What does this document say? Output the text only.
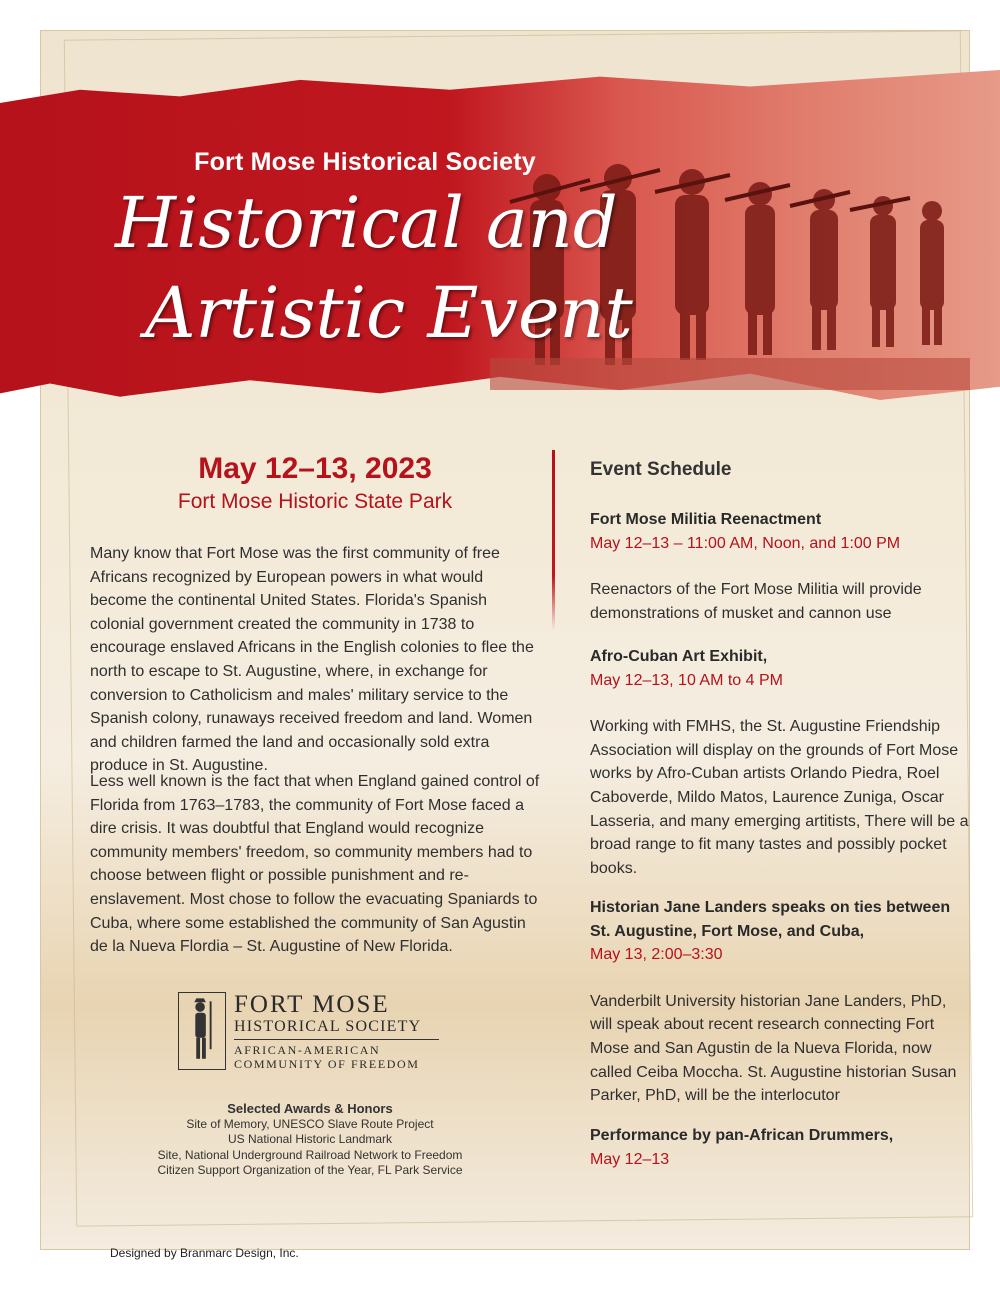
Fort Mose Historical Society
Historical and
Artistic Event
May 12–13, 2023
Fort Mose Historic State Park
Many know that Fort Mose was the first community of free Africans recognized by European powers in what would become the continental United States. Florida's Spanish colonial government created the community in 1738 to encourage enslaved Africans in the English colonies to flee the north to escape to St. Augustine, where, in exchange for conversion to Catholicism and males' military service to the Spanish colony, runaways received freedom and land. Women and children farmed the land and occasionally sold extra produce in St. Augustine.
Less well known is the fact that when England gained control of Florida from 1763–1783, the community of Fort Mose faced a dire crisis. It was doubtful that England would recognize community members' freedom, so community members had to choose between flight or possible punishment and re-enslavement. Most chose to follow the evacuating Spaniards to Cuba, where some established the community of San Agustin de la Nueva Flordia – St. Augustine of New Florida.
FORT MOSE
HISTORICAL SOCIETY
AFRICAN-AMERICAN
COMMUNITY OF FREEDOM
Selected Awards & Honors
Site of Memory, UNESCO Slave Route Project
US National Historic Landmark
Site, National Underground Railroad Network to Freedom
Citizen Support Organization of the Year, FL Park Service
Event Schedule
Fort Mose Militia Reenactment
May 12–13 – 11:00 AM, Noon, and 1:00 PM
Reenactors of the Fort Mose Militia will provide demonstrations of musket and cannon use
Afro-Cuban Art Exhibit,
May 12–13, 10 AM to 4 PM
Working with FMHS, the St. Augustine Friendship Association will display on the grounds of Fort Mose works by Afro-Cuban artists Orlando Piedra, Roel Caboverde, Mildo Matos, Laurence Zuniga, Oscar Lasseria, and many emerging artitists, There will be a broad range to fit many tastes and possibly pocket books.
Historian Jane Landers speaks on ties between St. Augustine, Fort Mose, and Cuba,
May 13, 2:00–3:30
Vanderbilt University historian Jane Landers, PhD, will speak about recent research connecting Fort Mose and San Agustin de la Nueva Florida, now called Ceiba Moccha. St. Augustine historian Susan Parker, PhD, will be the interlocutor
Performance by pan-African Drummers,
May 12–13
Designed by Branmarc Design, Inc.
